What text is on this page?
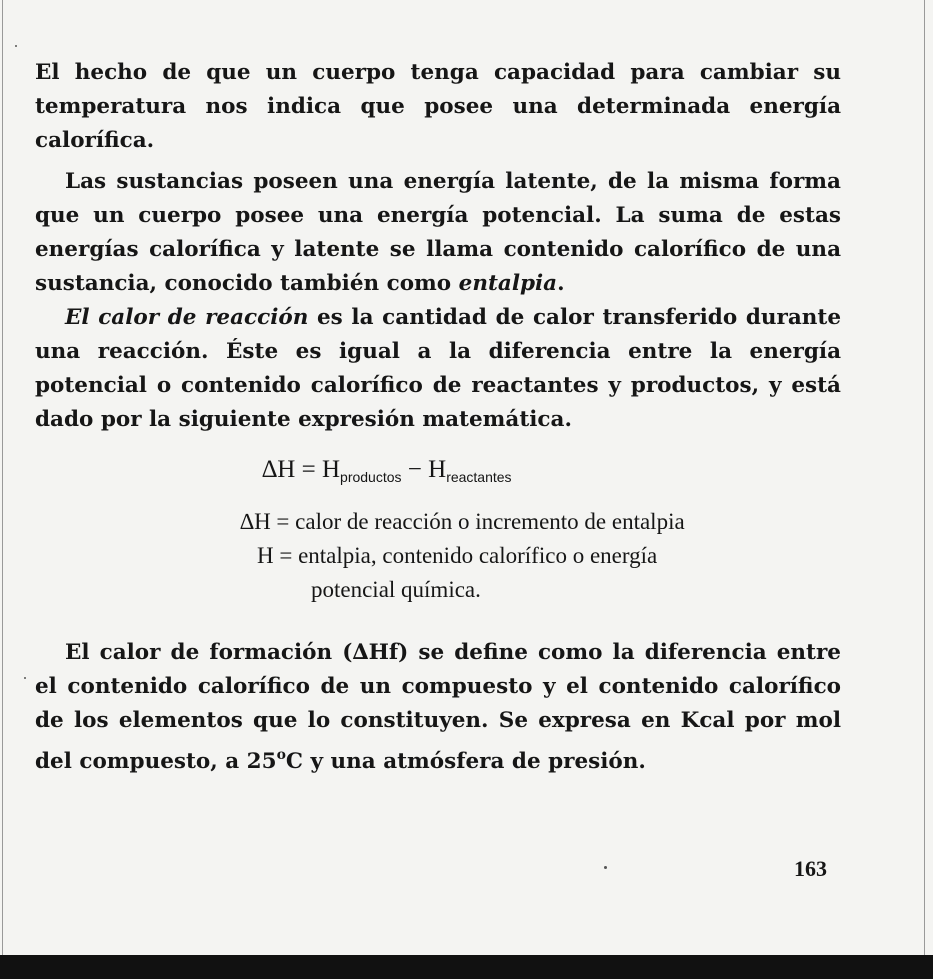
El hecho de que un cuerpo tenga capacidad para cambiar su temperatura nos indica que posee una determinada energía calorífica.
Las sustancias poseen una energía latente, de la misma forma que un cuerpo posee una energía potencial. La suma de estas energías calorífica y latente se llama contenido calorífico de una sustancia, conocido también como entalpia.
El calor de reacción es la cantidad de calor transferido durante una reacción. Éste es igual a la diferencia entre la energía potencial o contenido calorífico de reactantes y productos, y está dado por la siguiente expresión matemática.
$\Delta H = H_{productos} - H_{reactantes}$
∆H = calor de reacción o incremento de entalpia
H = entalpia, contenido calorífico o energía
potencial química.
El calor de formación (∆Hf) se define como la diferencia entre el contenido calorífico de un compuesto y el contenido calorífico de los elementos que lo constituyen. Se expresa en Kcal por mol del compuesto, a 25$^o$C y una atmósfera de presión.
163
